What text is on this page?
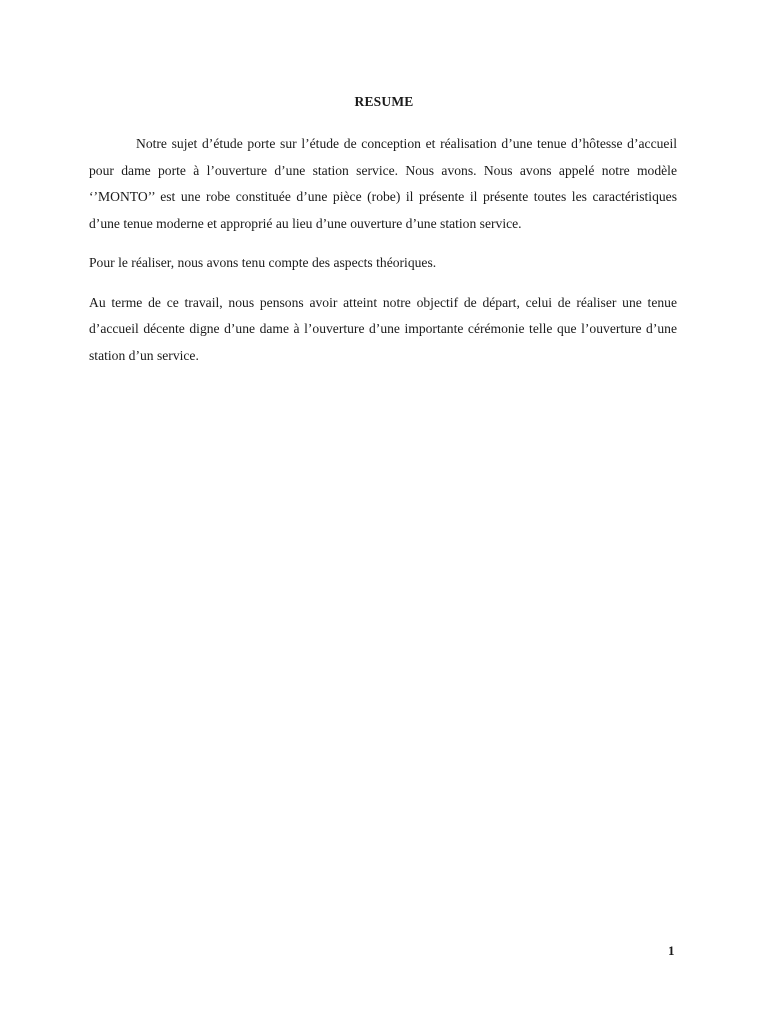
RESUME

Notre sujet d’étude porte sur l’étude de conception et réalisation d’une tenue d’hôtesse d’accueil pour dame porte à l’ouverture d’une station service. Nous avons. Nous avons appelé notre modèle ‘’MONTO’’ est une robe constituée d’une pièce (robe) il présente il présente toutes les caractéristiques d’une tenue moderne et approprié au lieu d’une ouverture d’une station service.

Pour le réaliser, nous avons tenu compte des aspects théoriques.

Au terme de ce travail, nous pensons avoir atteint notre objectif de départ, celui de réaliser une tenue d’accueil décente digne d’une dame à l’ouverture d’une importante cérémonie telle que l’ouverture d’une station d’un service.

1
